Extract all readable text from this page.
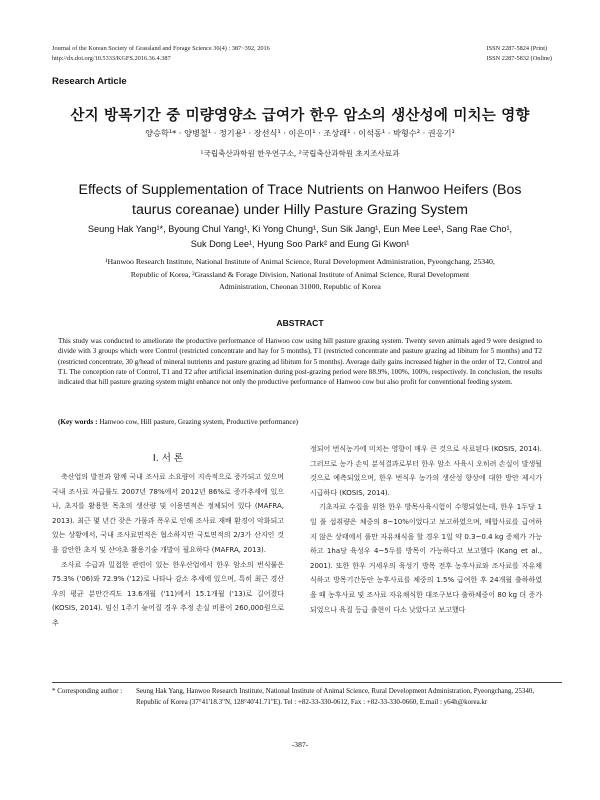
Journal of the Korean Society of Grassland and Forage Science 36(4) : 387~392, 2016
http://dx.doi.org/10.5333/KGFS.2016.36.4.387
ISSN 2287-5824 (Print)
ISSN 2287-5832 (Online)
Research Article
산지 방목기간 중 미량영양소 급여가 한우 암소의 생산성에 미치는 영향
양승학¹* · 양병철¹ · 정기용¹ · 장선식¹ · 이은미¹ · 조상래¹ · 이석동¹ · 박형수² · 권응기¹
¹국립축산과학원 한우연구소, ²국립축산과학원 초지조사료과
Effects of Supplementation of Trace Nutrients on Hanwoo Heifers (Bos taurus coreanae) under Hilly Pasture Grazing System
Seung Hak Yang¹*, Byoung Chul Yang¹, Ki Yong Chung¹, Sun Sik Jang¹, Eun Mee Lee¹, Sang Rae Cho¹,
Suk Dong Lee¹, Hyung Soo Park² and Eung Gi Kwon¹
¹Hanwoo Research Institute, National Institute of Animal Science, Rural Development Administration, Pyeongchang, 25340,
Republic of Korea, ²Grassland & Forage Division, National Institute of Animal Science, Rural Development
Administration, Cheonan 31000, Republic of Korea
ABSTRACT
This study was conducted to ameliorate the productive performance of Hanwoo cow using hill pasture grazing system. Twenty seven animals aged 9 were designed to divide with 3 groups which were Control (restricted concentrate and hay for 5 months), T1 (restricted concentrate and pasture grazing ad libitum for 5 months) and T2 (restricted concentrate, 30 g/head of mineral nutrients and pasture grazing ad libitum for 5 months). Average daily gains increased higher in the order of T2, Control and T1. The conception rate of Control, T1 and T2 after artificial insemination during post-grazing period were 88.9%, 100%, 100%, respectively. In conclusion, the results indicated that hill pasture grazing system might enhance not only the productive performance of Hanwoo cow but also profit for conventional feeding system.
(Key words : Hanwoo cow, Hill pasture, Grazing system, Productive performance)
Ⅰ. 서 론

축산업의 발전과 함께 국내 조사료 소요량이 지속적으로 증가되고 있으며 국내 조사료 자급률도 2007년 78%에서 2012년 86%로 증가추세에 있으나, 초지를 활용한 목초의 생산량 및 이용면적은 정체되어 있다 (MAFRA, 2013). 최근 몇 년간 잦은 가뭄과 폭우로 인해 조사료 재배 환경이 악화되고 있는 상황에서, 국내 조사료면적은 협소하지만 국토면적의 2/3가 산지인 것을 감안한 초지 및 산야초 활용기술 개발이 필요하다 (MAFRA, 2013).

조사료 수급과 밀접한 관련이 있는 한우산업에서 한우 암소의 번식률은 75.3% ('06)와 72.9% ('12)로 나타나 감소 추세에 있으며, 특히 최근 경산우의 평균 분만간격도 13.6개월 ('11)에서 15.1개월 ('13)로 길어졌다 (KOSIS, 2014). 임신 1주기 늦어질 경우 추정 손실 비용이 260,000원으로 추

정되어 번식농가에 미치는 영향이 매우 큰 것으로 사료된다 (KOSIS, 2014). 그러므로 농가 손익 분석결과로부터 한우 암소 사육시 오히려 손실이 발생될 것으로 예측되었으며, 한우 번식우 농가의 생산성 향상에 대한 방안 제시가 시급하다 (KOSIS, 2014).

기초자료 수집을 위한 한우 방목사육시험이 수행되었는데, 한우 1두당 1일 풀 섭취량은 체중의 8~10%이었다고 보고하였으며, 배합사료를 급여하지 않은 상태에서 풀만 자유채식을 할 경우 1일 약 0.3~0.4 kg 증체가 가능하고 1ha당 육성우 4~5두를 방목이 가능하다고 보고했다 (Kang et al., 2001). 또한 한우 거세우의 육성기 방목 전후 농후사료와 조사료를 자유채식하고 방목기간동안 농후사료를 체중의 1.5% 급여한 후 24개월 출하하였을 때 농후사료 및 조사료 자유채식한 대조구보다 출하체중이 80 kg 더 증가되었으나 육질 등급 출현이 다소 낮았다고 보고했다

* Corresponding author : Seung Hak Yang, Hanwoo Research Institute, National Institute of Animal Science, Rural Development Administration, Pyeongchang, 25340, Republic of Korea (37°41'18.3"N, 128°40'41.71"E). Tel : +82-33-330-0612, Fax : +82-33-330-0660, E.mail : y64h@korea.kr
-387-
